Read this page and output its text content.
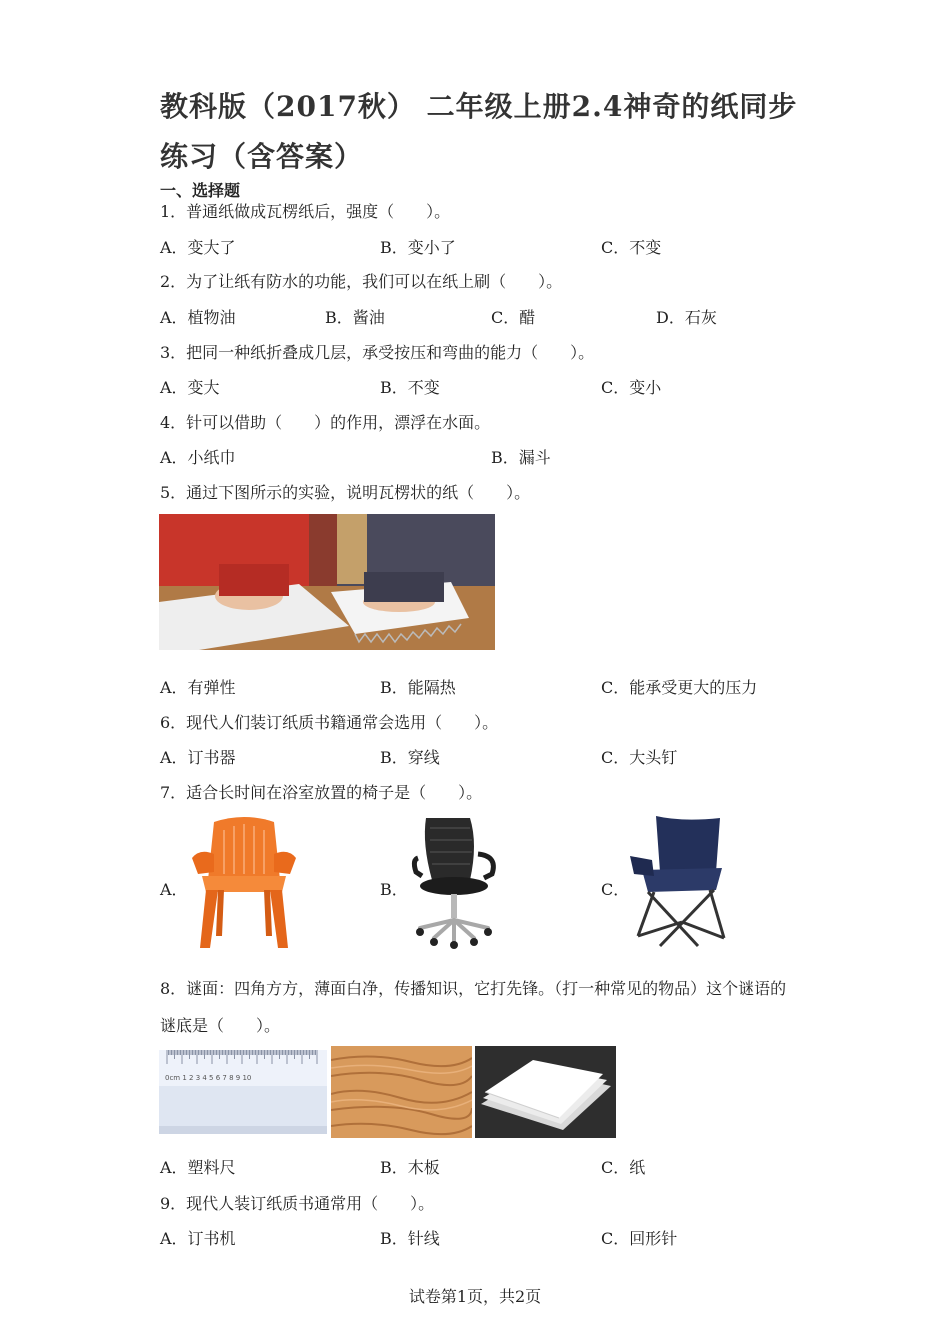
教科版（2017秋） 二年级上册2.4神奇的纸同步
练习（含答案）
一、选择题
1．普通纸做成瓦楞纸后，强度（　　）。
A．变大了	B．变小了	C．不变
2．为了让纸有防水的功能，我们可以在纸上刷（　　）。
A．植物油	B．酱油	C．醋	D．石灰
3．把同一种纸折叠成几层，承受按压和弯曲的能力（　　）。
A．变大	B．不变	C．变小
4．针可以借助（　　）的作用，漂浮在水面。
A．小纸巾	B．漏斗
5．通过下图所示的实验，说明瓦楞状的纸（　　）。
A．有弹性	B．能隔热	C．能承受更大的压力
6．现代人们装订纸质书籍通常会选用（　　）。
A．订书器	B．穿线	C．大头钉
7．适合长时间在浴室放置的椅子是（　　）。
A．	B．	C．
8．谜面：四角方方，薄面白净，传播知识，它打先锋。（打一种常见的物品）这个谜语的谜底是（　　）。
0cm 1 2 3 4 5 6 7 8 9 10
A．塑料尺	B．木板	C．纸
9．现代人装订纸质书通常用（　　）。
A．订书机	B．针线	C．回形针
试卷第1页，共2页
